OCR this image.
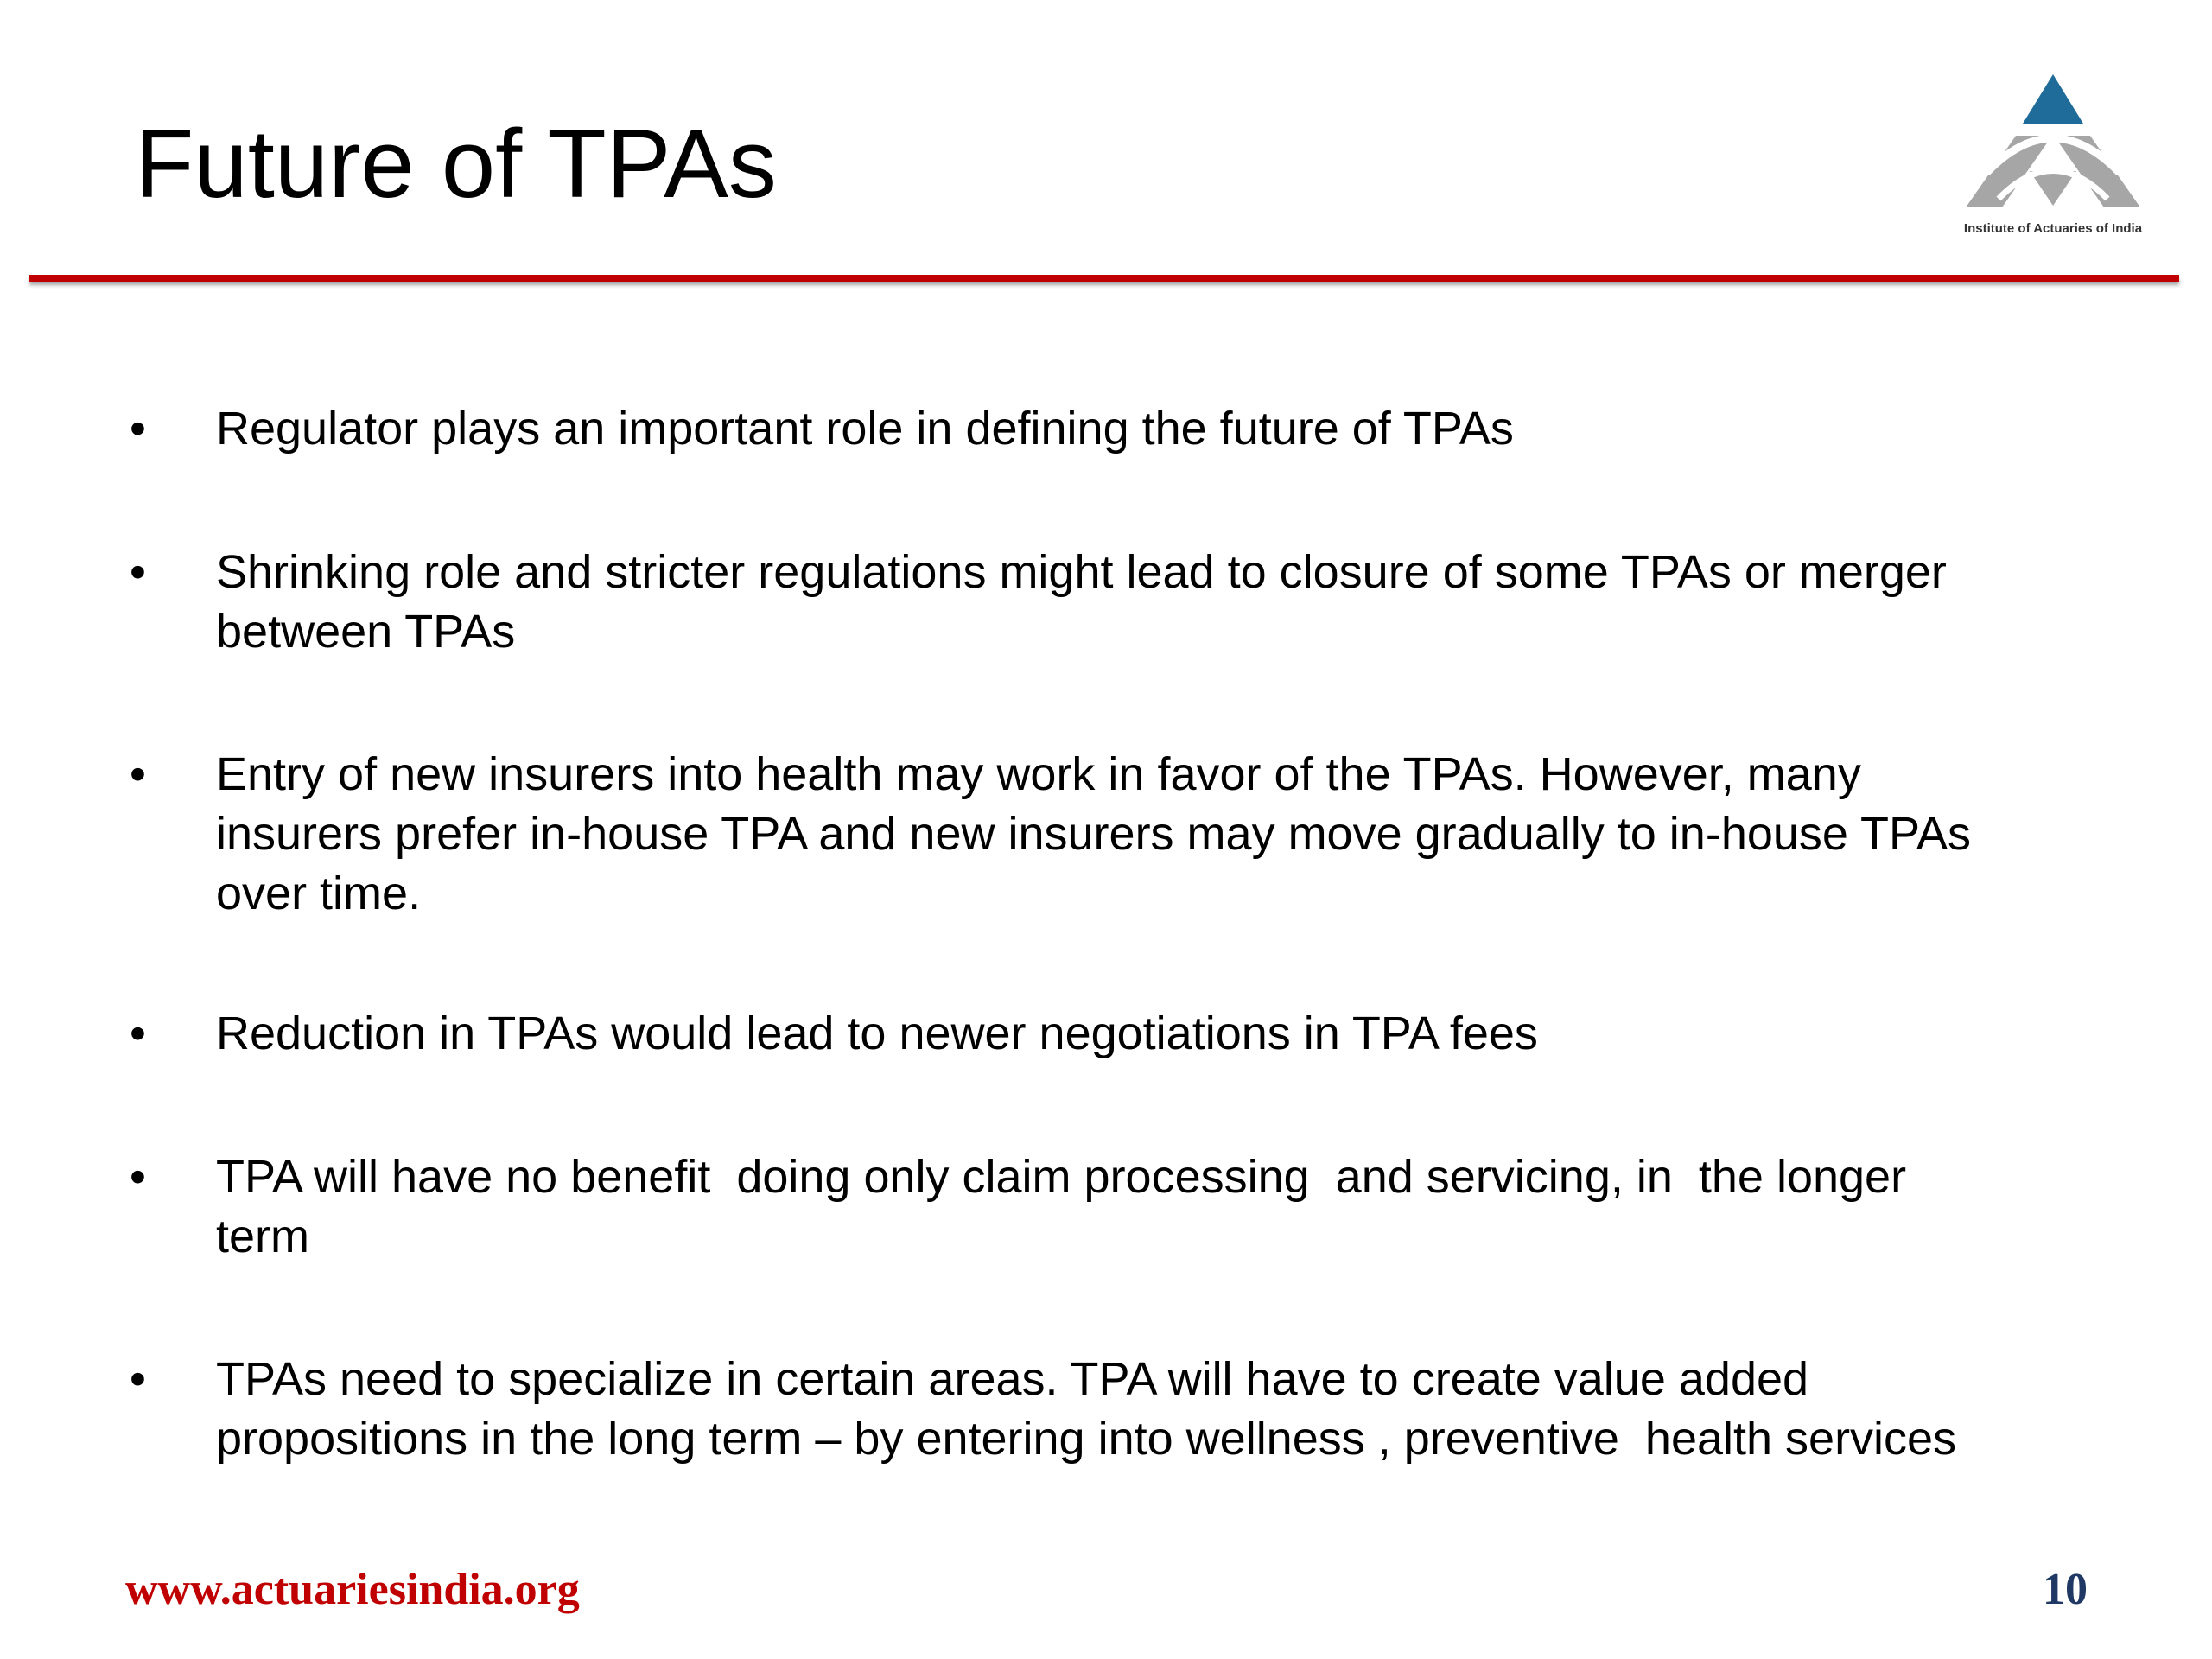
Future of TPAs
Institute of Actuaries of India
•	Regulator plays an important role in defining the future of TPAs
•	Shrinking role and stricter regulations might lead to closure of some TPAs or merger
between TPAs
•	Entry of new insurers into health may work in favor of the TPAs. However, many
insurers prefer in-house TPA and new insurers may move gradually to in-house TPAs
over time.
•	Reduction in TPAs would lead to newer negotiations in TPA fees
•	TPA will have no benefit  doing only claim processing  and servicing, in  the longer
term
•	TPAs need to specialize in certain areas. TPA will have to create value added
propositions in the long term – by entering into wellness , preventive  health services
www.actuariesindia.org	10
